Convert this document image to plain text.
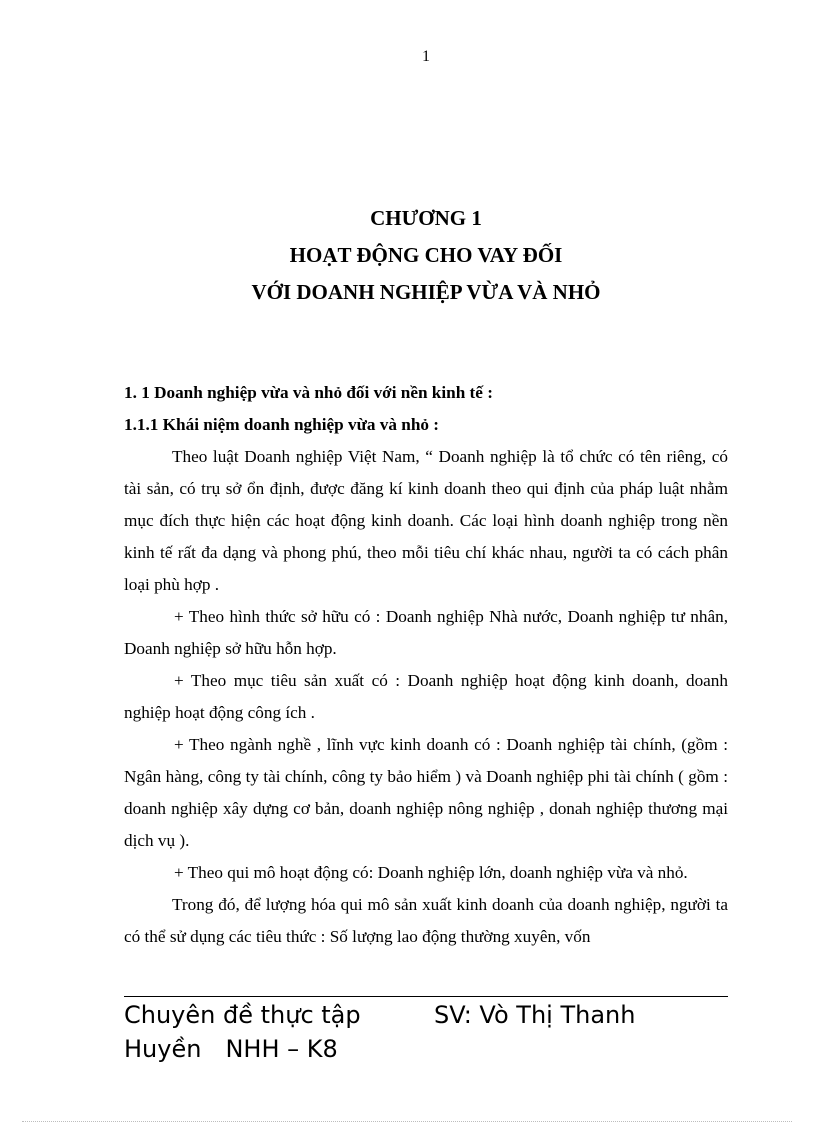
1
CHƯƠNG 1
HOẠT ĐỘNG CHO VAY ĐỐI
VỚI DOANH NGHIỆP VỪA VÀ NHỎ

1. 1 Doanh nghiệp vừa và nhỏ đối với nền kinh tế :

1.1.1 Khái niệm doanh nghiệp vừa và nhỏ :

Theo luật Doanh nghiệp Việt Nam, “ Doanh nghiệp là tổ chức có tên riêng, có tài sản, có trụ sở ổn định, được đăng kí kinh doanh theo qui định của pháp luật nhằm mục đích thực hiện các hoạt động kinh doanh. Các loại hình doanh nghiệp trong nền kinh tế rất đa dạng và phong phú, theo mỗi tiêu chí khác nhau, người ta có cách phân loại phù hợp .

+ Theo hình thức sở hữu có : Doanh nghiệp Nhà nước, Doanh nghiệp tư nhân, Doanh nghiệp sở hữu hỗn hợp.

+ Theo mục tiêu sản xuất có : Doanh nghiệp hoạt động kinh doanh, doanh nghiệp hoạt động công ích .

+ Theo ngành nghề , lĩnh vực kinh doanh có : Doanh nghiệp tài chính, (gồm : Ngân hàng, công ty tài chính, công ty bảo hiểm ) và Doanh nghiệp phi tài chính ( gồm : doanh nghiệp xây dựng cơ bản, doanh nghiệp nông nghiệp , donah nghiệp thương mại dịch vụ ).

+ Theo qui mô hoạt động có: Doanh nghiệp lớn, doanh nghiệp vừa và nhỏ.

Trong đó, để lượng hóa qui mô sản xuất kinh doanh của doanh nghiệp, người ta có thể sử dụng các tiêu thức : Số lượng lao động thường xuyên, vốn

Chuyên đề thực tập	SV: Vò Thị Thanh
Huyền NHH – K8
